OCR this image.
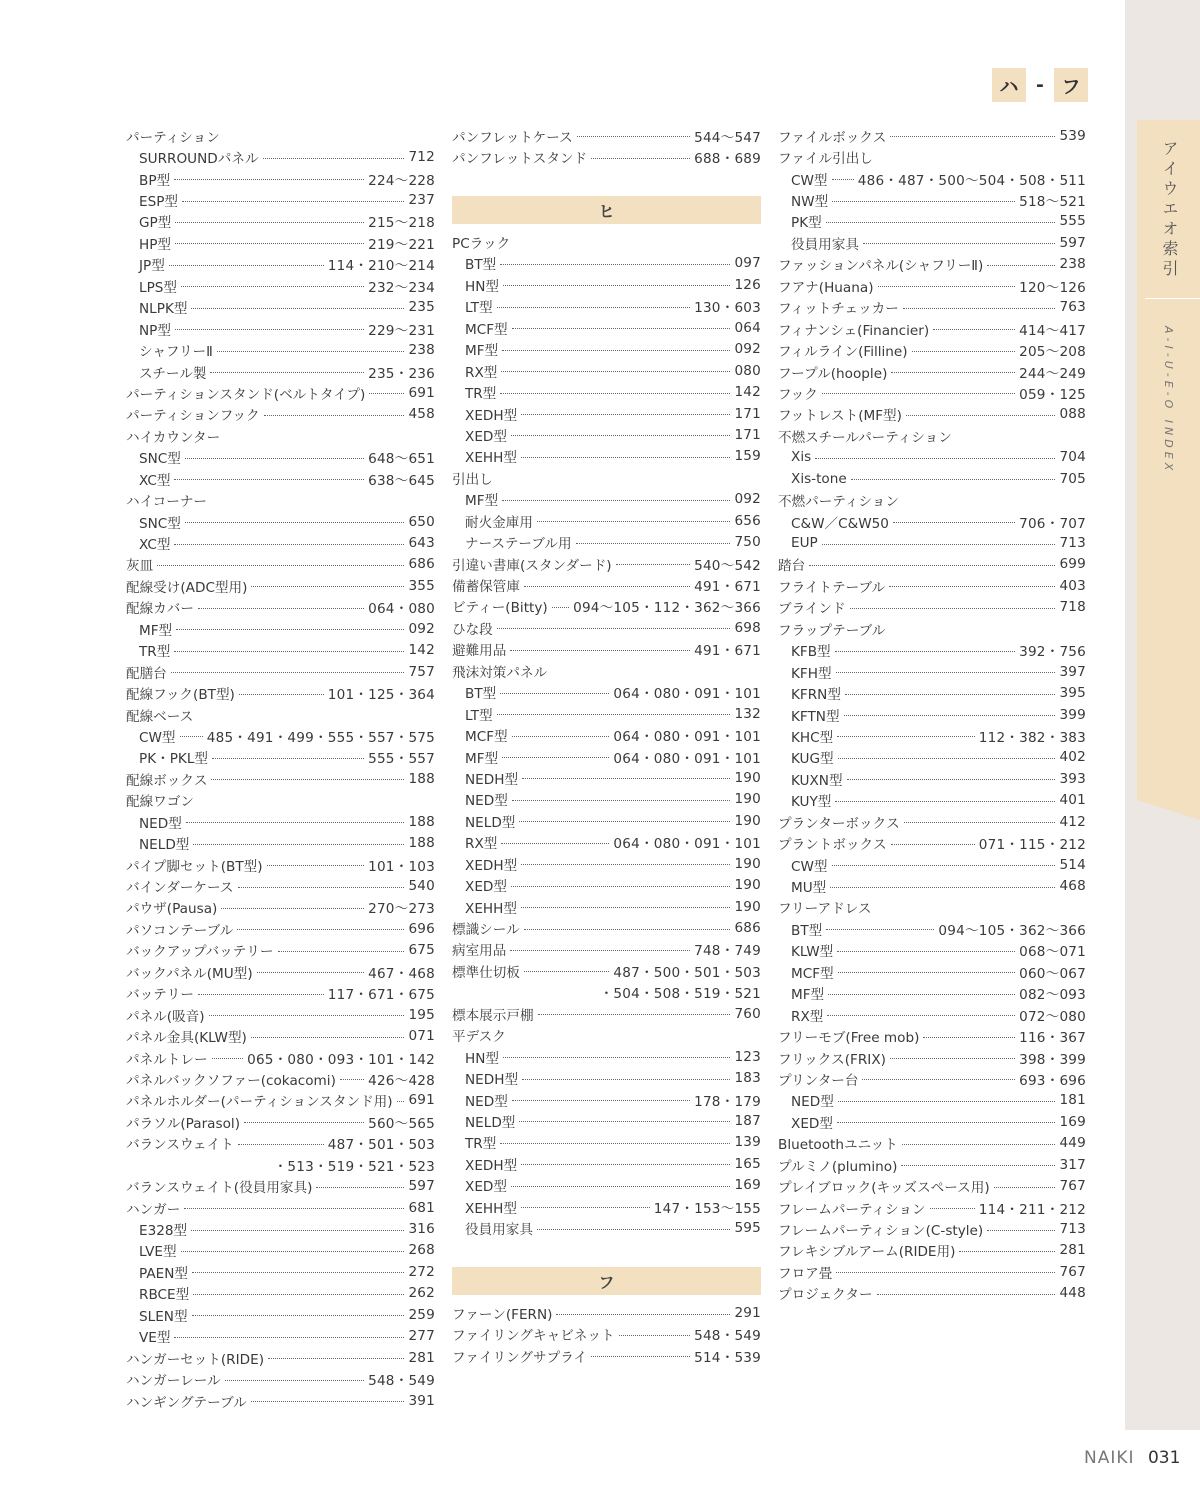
アイウエオ索引
A-I-U-E-O INDEX
ハ - フ
パーティション
SURROUNDパネル	712
BP型	224〜228
ESP型	237
GP型	215〜218
HP型	219〜221
JP型	114・210〜214
LPS型	232〜234
NLPK型	235
NP型	229〜231
シャフリーⅡ	238
スチール製	235・236
パーティションスタンド(ベルトタイプ)	691
パーティションフック	458
ハイカウンター
SNC型	648〜651
XC型	638〜645
ハイコーナー
SNC型	650
XC型	643
灰皿	686
配線受け(ADC型用)	355
配線カバー	064・080
MF型	092
TR型	142
配膳台	757
配線フック(BT型)	101・125・364
配線ベース
CW型 485・491・499・555・557・575
PK・PKL型	555・557
配線ボックス	188
配線ワゴン
NED型	188
NELD型	188
パイプ脚セット(BT型)	101・103
バインダーケース	540
パウザ(Pausa)	270〜273
パソコンテーブル	696
バックアップバッテリー	675
バックパネル(MU型)	467・468
バッテリー	117・671・675
パネル(吸音)	195
パネル金具(KLW型)	071
パネルトレー	065・080・093・101・142
パネルバックソファー(cokacomi) 426〜428
パネルホルダー(パーティションスタンド用) 691
パラソル(Parasol)	560〜565
バランスウェイト	487・501・503
・513・519・521・523
バランスウェイト(役員用家具)	597
ハンガー	681
E328型	316
LVE型	268
PAEN型	272
RBCE型	262
SLEN型	259
VE型	277
ハンガーセット(RIDE)	281
ハンガーレール	548・549
ハンギングテーブル	391
パンフレットケース	544〜547
パンフレットスタンド	688・689
ヒ
PCラック
BT型	097
HN型	126
LT型	130・603
MCF型	064
MF型	092
RX型	080
TR型	142
XEDH型	171
XED型	171
XEHH型	159
引出し
MF型	092
耐火金庫用	656
ナーステーブル用	750
引違い書庫(スタンダード)	540〜542
備蓄保管庫	491・671
ビティー(Bitty) 094〜105・112・362〜366
ひな段	698
避難用品	491・671
飛沫対策パネル
BT型	064・080・091・101
LT型	132
MCF型	064・080・091・101
MF型	064・080・091・101
NEDH型	190
NED型	190
NELD型	190
RX型	064・080・091・101
XEDH型	190
XED型	190
XEHH型	190
標識シール	686
病室用品	748・749
標準仕切板	487・500・501・503
・504・508・519・521
標本展示戸棚	760
平デスク
HN型	123
NEDH型	183
NED型	178・179
NELD型	187
TR型	139
XEDH型	165
XED型	169
XEHH型	147・153〜155
役員用家具	595
フ
ファーン(FERN)	291
ファイリングキャビネット	548・549
ファイリングサプライ	514・539
ファイルボックス	539
ファイル引出し
CW型 486・487・500〜504・508・511
NW型	518〜521
PK型	555
役員用家具	597
ファッションパネル(シャフリーⅡ)	238
フアナ(Huana)	120〜126
フィットチェッカー	763
フィナンシェ(Financier)	414〜417
フィルライン(Filline)	205〜208
フープル(hoople)	244〜249
フック	059・125
フットレスト(MF型)	088
不燃スチールパーティション
Xis	704
Xis-tone	705
不燃パーティション
C&W／C&W50	706・707
EUP	713
踏台	699
フライトテーブル	403
ブラインド	718
フラップテーブル
KFB型	392・756
KFH型	397
KFRN型	395
KFTN型	399
KHC型	112・382・383
KUG型	402
KUXN型	393
KUY型	401
プランターボックス	412
プラントボックス	071・115・212
CW型	514
MU型	468
フリーアドレス
BT型	094〜105・362〜366
KLW型	068〜071
MCF型	060〜067
MF型	082〜093
RX型	072〜080
フリーモブ(Free mob)	116・367
フリックス(FRIX)	398・399
プリンター台	693・696
NED型	181
XED型	169
Bluetoothユニット	449
プルミノ(plumino)	317
プレイブロック(キッズスペース用)	767
フレームパーティション	114・211・212
フレームパーティション(C-style)	713
フレキシブルアーム(RIDE用)	281
フロア畳	767
プロジェクター	448
NAIKI 031
